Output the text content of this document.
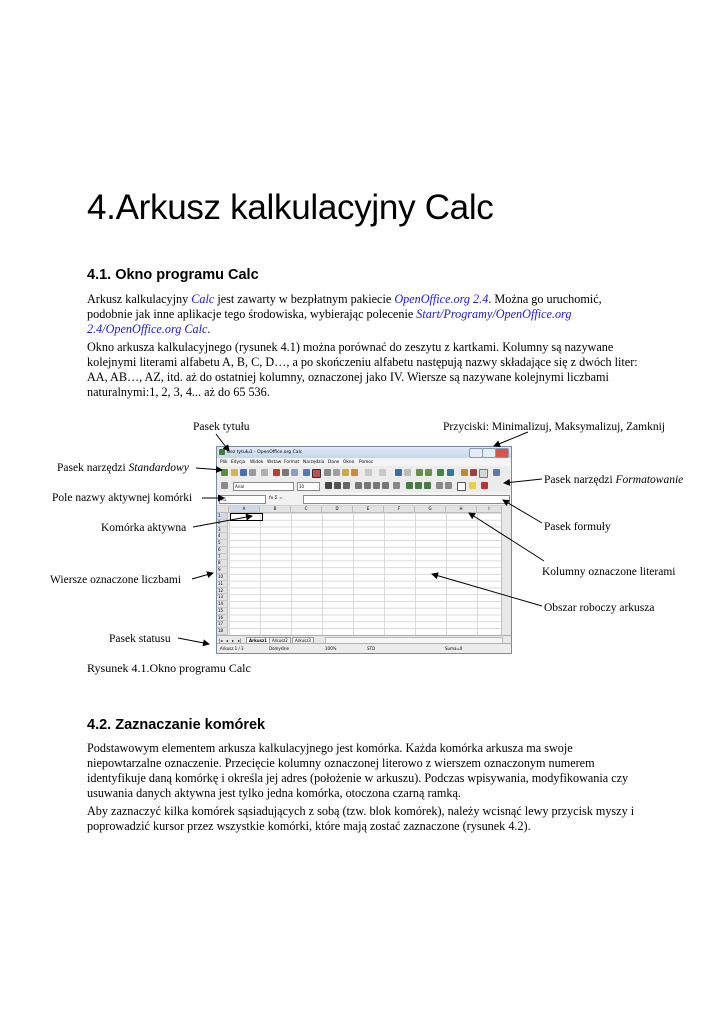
4.Arkusz kalkulacyjny Calc
4.1. Okno programu Calc

Arkusz kalkulacyjny Calc jest zawarty w bezpłatnym pakiecie OpenOffice.org 2.4. Można go uruchomić, podobnie jak inne aplikacje tego środowiska, wybierając polecenie Start/Programy/OpenOffice.org 2.4/OpenOffice.org Calc.

Okno arkusza kalkulacyjnego (rysunek 4.1) można porównać do zeszytu z kartkami. Kolumny są nazywane kolejnymi literami alfabetu A, B, C, D…, a po skończeniu alfabetu następują nazwy składające się z dwóch liter: AA, AB…, AZ, itd. aż do ostatniej kolumny, oznaczonej jako IV. Wiersze są nazywane kolejnymi liczbami naturalnymi:1, 2, 3, 4... aż do 65 536.

Pasek tytułu	Przyciski: Minimalizuj, Maksymalizuj, Zamknij
Pasek narzędzi Standardowy
Pasek narzędzi Formatowanie
Pole nazwy aktywnej komórki
Pasek formuły
Komórka aktywna
Kolumny oznaczone literami
Wiersze oznaczone liczbami
Obszar roboczy arkusza
Pasek statusu
Bez tytułu1 - OpenOffice.org Calc
Plik Edycja Widok Wstaw Format Narzędzia Dane Okno Pomoc
Arial	10
A1	fx Σ =
A	B	C	D	E	F	G	H	I
1
2
3
4
5
6
7
8
9
10
11
12
13
14
15
16
17
18
|◂ ◂ ▸ ▸|	Arkusz1	Arkusz2	Arkusz3
Arkusz 1 / 3	Domyślne	100%	STD	Suma=0
Rysunek 4.1.Okno programu Calc
4.2. Zaznaczanie komórek

Podstawowym elementem arkusza kalkulacyjnego jest komórka. Każda komórka arkusza ma swoje niepowtarzalne oznaczenie. Przecięcie kolumny oznaczonej literowo z wierszem oznaczonym numerem identyfikuje daną komórkę i określa jej adres (położenie w arkuszu). Podczas wpisywania, modyfikowania czy usuwania danych aktywna jest tylko jedna komórka, otoczona czarną ramką.

Aby zaznaczyć kilka komórek sąsiadujących z sobą (tzw. blok komórek), należy wcisnąć lewy przycisk myszy i poprowadzić kursor przez wszystkie komórki, które mają zostać zaznaczone (rysunek 4.2).
